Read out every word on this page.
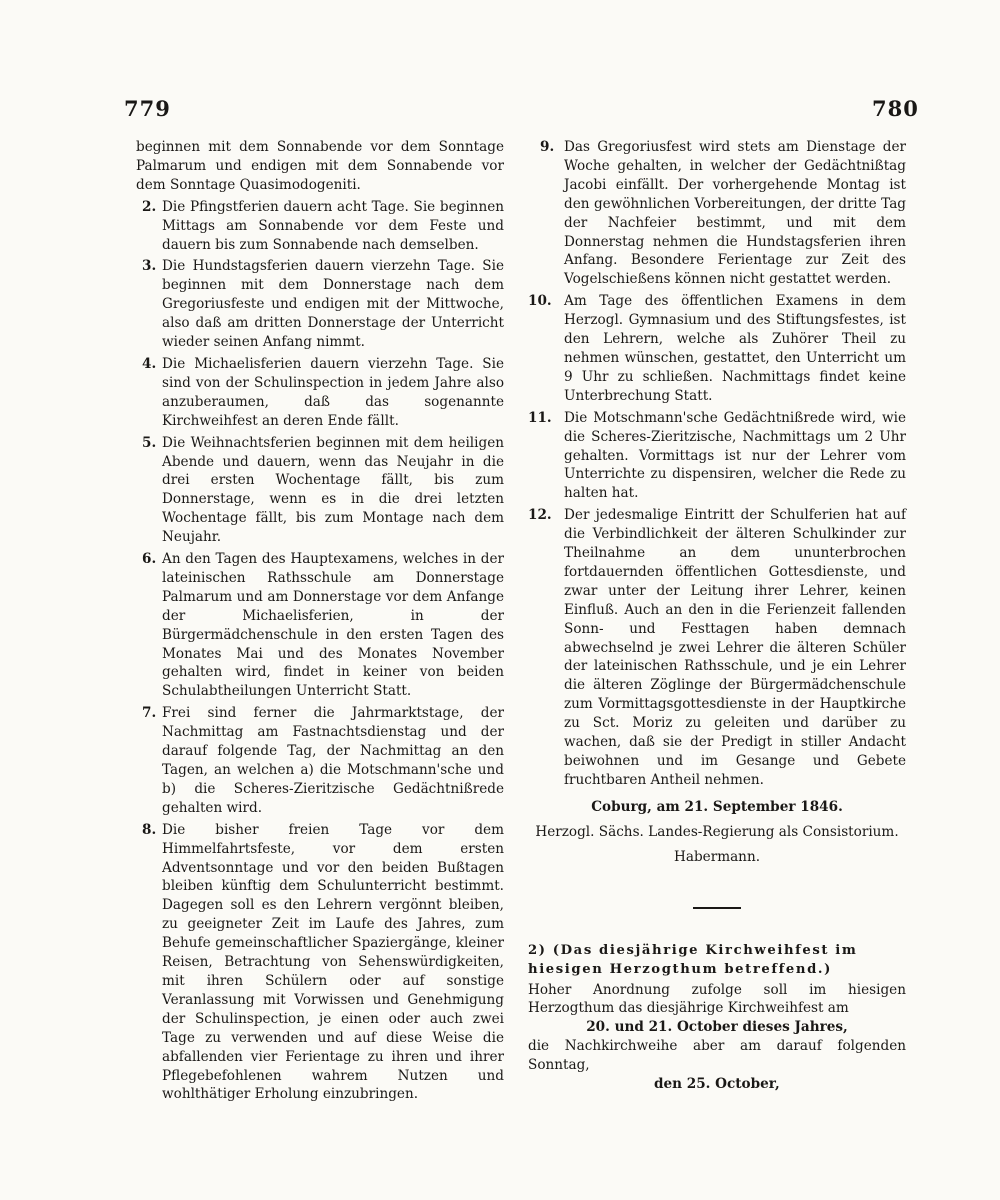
779	780

beginnen mit dem Sonnabende vor dem Sonntage Palmarum und endigen mit dem Sonnabende vor dem Sonntage Quasimodogeniti.

2. Die Pfingstferien dauern acht Tage. Sie beginnen Mittags am Sonnabende vor dem Feste und dauern bis zum Sonnabende nach demselben.
3. Die Hundstagsferien dauern vierzehn Tage. Sie beginnen mit dem Donnerstage nach dem Gregoriusfeste und endigen mit der Mittwoche, also daß am dritten Donnerstage der Unterricht wieder seinen Anfang nimmt.
4. Die Michaelisferien dauern vierzehn Tage. Sie sind von der Schulinspection in jedem Jahre also anzuberaumen, daß das sogenannte Kirchweihfest an deren Ende fällt.
5. Die Weihnachtsferien beginnen mit dem heiligen Abende und dauern, wenn das Neujahr in die drei ersten Wochentage fällt, bis zum Donnerstage, wenn es in die drei letzten Wochentage fällt, bis zum Montage nach dem Neujahr.
6. An den Tagen des Hauptexamens, welches in der lateinischen Rathsschule am Donnerstage Palmarum und am Donnerstage vor dem Anfange der Michaelisferien, in der Bürgermädchenschule in den ersten Tagen des Monates Mai und des Monates November gehalten wird, findet in keiner von beiden Schulabtheilungen Unterricht Statt.
7. Frei sind ferner die Jahrmarktstage, der Nachmittag am Fastnachtsdienstag und der darauf folgende Tag, der Nachmittag an den Tagen, an welchen a) die Motschmann'sche und b) die Scheres-Zieritzische Gedächtnißrede gehalten wird.
8. Die bisher freien Tage vor dem Himmelfahrtsfeste, vor dem ersten Adventsonntage und vor den beiden Bußtagen bleiben künftig dem Schulunterricht bestimmt. Dagegen soll es den Lehrern vergönnt bleiben, zu geeigneter Zeit im Laufe des Jahres, zum Behufe gemeinschaftlicher Spaziergänge, kleiner Reisen, Betrachtung von Sehenswürdigkeiten, mit ihren Schülern oder auf sonstige Veranlassung mit Vorwissen und Genehmigung der Schulinspection, je einen oder auch zwei Tage zu verwenden und auf diese Weise die abfallenden vier Ferientage zu ihren und ihrer Pflegebefohlenen wahrem Nutzen und wohlthätiger Erholung einzubringen.
9. Das Gregoriusfest wird stets am Dienstage der Woche gehalten, in welcher der Gedächtnißtag Jacobi einfällt. Der vorhergehende Montag ist den gewöhnlichen Vorbereitungen, der dritte Tag der Nachfeier bestimmt, und mit dem Donnerstag nehmen die Hundstagsferien ihren Anfang. Besondere Ferientage zur Zeit des Vogelschießens können nicht gestattet werden.
10. Am Tage des öffentlichen Examens in dem Herzogl. Gymnasium und des Stiftungsfestes, ist den Lehrern, welche als Zuhörer Theil zu nehmen wünschen, gestattet, den Unterricht um 9 Uhr zu schließen. Nachmittags findet keine Unterbrechung Statt.
11. Die Motschmann'sche Gedächtnißrede wird, wie die Scheres-Zieritzische, Nachmittags um 2 Uhr gehalten. Vormittags ist nur der Lehrer vom Unterrichte zu dispensiren, welcher die Rede zu halten hat.
12. Der jedesmalige Eintritt der Schulferien hat auf die Verbindlichkeit der älteren Schulkinder zur Theilnahme an dem ununterbrochen fortdauernden öffentlichen Gottesdienste, und zwar unter der Leitung ihrer Lehrer, keinen Einfluß. Auch an den in die Ferienzeit fallenden Sonn- und Festtagen haben demnach abwechselnd je zwei Lehrer die älteren Schüler der lateinischen Rathsschule, und je ein Lehrer die älteren Zöglinge der Bürgermädchenschule zum Vormittagsgottesdienste in der Hauptkirche zu Sct. Moriz zu geleiten und darüber zu wachen, daß sie der Predigt in stiller Andacht beiwohnen und im Gesange und Gebete fruchtbaren Antheil nehmen.

Coburg, am 21. September 1846.

Herzogl. Sächs. Landes-Regierung als Consistorium.

Habermann.

2) (Das diesjährige Kirchweihfest im hiesigen Herzogthum betreffend.)

Hoher Anordnung zufolge soll im hiesigen Herzogthum das diesjährige Kirchweihfest am

20. und 21. October dieses Jahres,

die Nachkirchweihe aber am darauf folgenden Sonntag,

den 25. October,
